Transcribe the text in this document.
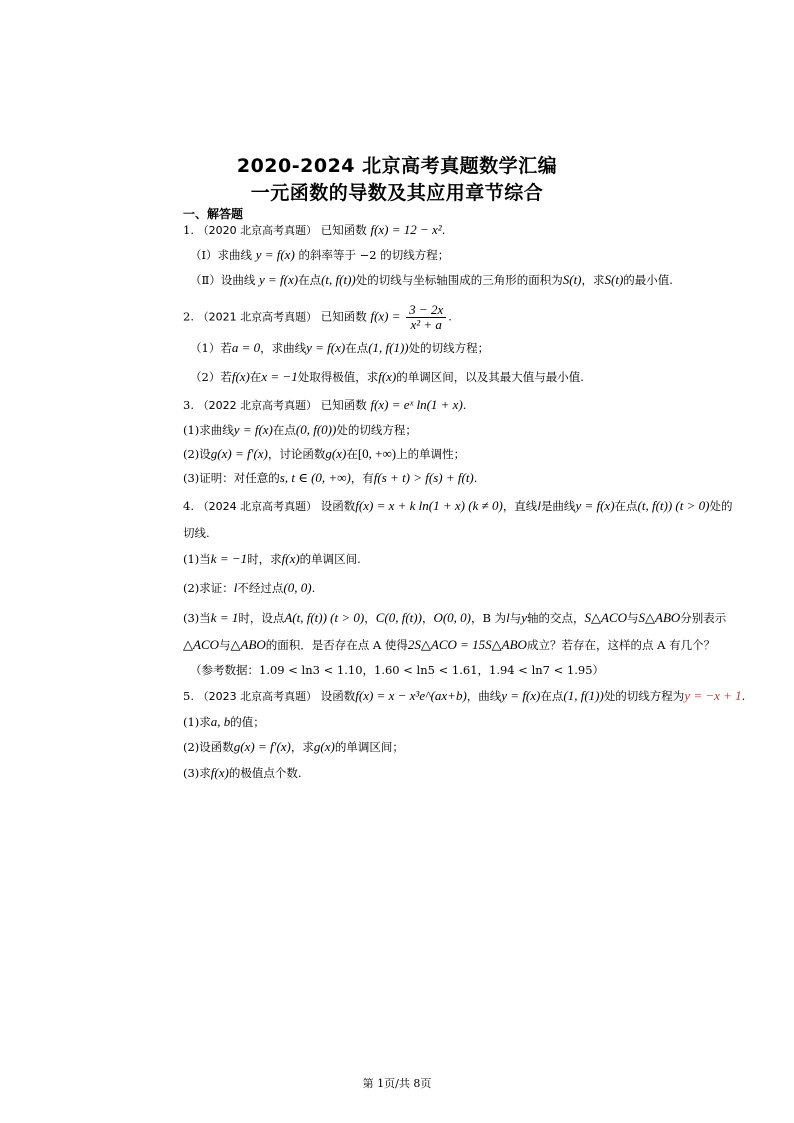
2020-2024 北京高考真题数学汇编
一元函数的导数及其应用章节综合
一、解答题
1. （2020 北京高考真题） 已知函数 f(x) = 12 − x².
（Ⅰ）求曲线 y = f(x) 的斜率等于 −2 的切线方程；
（Ⅱ）设曲线 y = f(x)在点(t, f(t))处的切线与坐标轴围成的三角形的面积为S(t)，求S(t)的最小值.
2. （2021 北京高考真题） 已知函数 $f(x) = \frac{3 - 2x}{\text{x² + a}}$ .
（1）若a = 0，求曲线y = f(x)在点(1, f(1))处的切线方程；
（2）若f(x)在x = −1处取得极值，求f(x)的单调区间，以及其最大值与最小值.
3. （2022 北京高考真题） 已知函数 f(x) = eˣ ln(1 + x).
(1)求曲线y = f(x)在点(0, f(0))处的切线方程；
(2)设g(x) = f′(x)，讨论函数g(x)在[0, +∞)上的单调性；
(3)证明：对任意的s, t ∈ (0, +∞)，有f(s + t) > f(s) + f(t).
4. （2024 北京高考真题） 设函数f(x) = x + k ln(1 + x) (k ≠ 0)，直线l是曲线y = f(x)在点(t, f(t)) (t > 0)处的
切线.
(1)当k = −1时，求f(x)的单调区间.
(2)求证：l不经过点(0, 0).
(3)当k = 1时，设点A(t, f(t)) (t > 0)，C(0, f(t))，O(0, 0)，B 为l与y轴的交点，S△ACO与S△ABO分别表示
△ACO与△ABO的面积．是否存在点 A 使得2S△ACO = 15S△ABO成立？若存在，这样的点 A 有几个？
（参考数据：1.09 < ln3 < 1.10，1.60 < ln5 < 1.61，1.94 < ln7 < 1.95）
5. （2023 北京高考真题） 设函数f(x) = x − x³e^(ax+b)，曲线y = f(x)在点(1, f(1))处的切线方程为y = −x + 1.
(1)求a, b的值；
(2)设函数g(x) = f′(x)，求g(x)的单调区间；
(3)求f(x)的极值点个数.
第 1页/共 8页
